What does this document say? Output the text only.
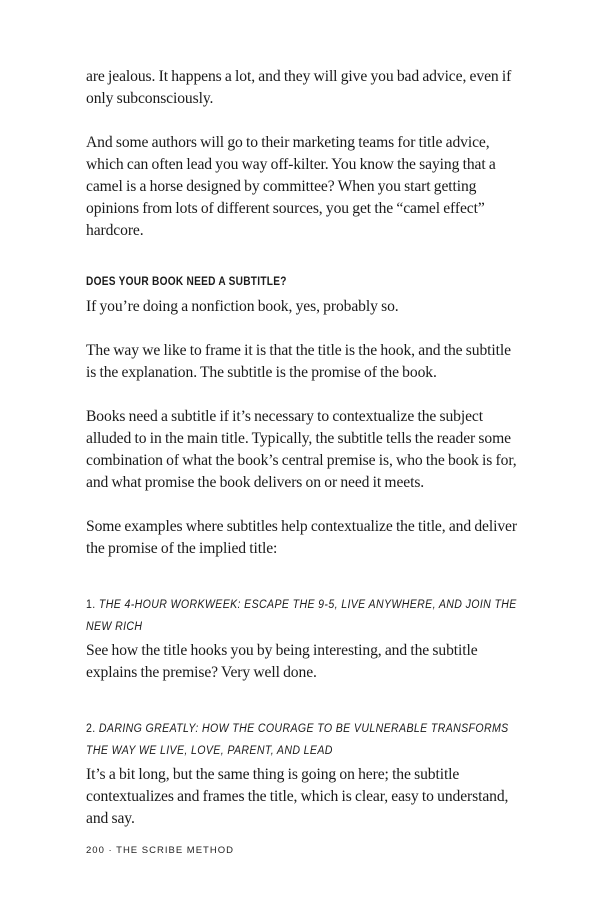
are jealous. It happens a lot, and they will give you bad advice, even if only subconsciously.

And some authors will go to their marketing teams for title advice, which can often lead you way off-kilter. You know the saying that a camel is a horse designed by committee? When you start getting opinions from lots of different sources, you get the “camel effect” hardcore.

DOES YOUR BOOK NEED A SUBTITLE?

If you’re doing a nonfiction book, yes, probably so.

The way we like to frame it is that the title is the hook, and the subtitle is the explanation. The subtitle is the promise of the book.

Books need a subtitle if it’s necessary to contextualize the subject alluded to in the main title. Typically, the subtitle tells the reader some combination of what the book’s central premise is, who the book is for, and what promise the book delivers on or need it meets.

Some examples where subtitles help contextualize the title, and deliver the promise of the implied title:

1. THE 4-HOUR WORKWEEK: ESCAPE THE 9-5, LIVE ANYWHERE, AND JOIN THE NEW RICH

See how the title hooks you by being interesting, and the subtitle explains the premise? Very well done.

2. DARING GREATLY: HOW THE COURAGE TO BE VULNERABLE TRANSFORMS THE WAY WE LIVE, LOVE, PARENT, AND LEAD

It’s a bit long, but the same thing is going on here; the subtitle contextualizes and frames the title, which is clear, easy to understand, and say.

200 · THE SCRIBE METHOD
